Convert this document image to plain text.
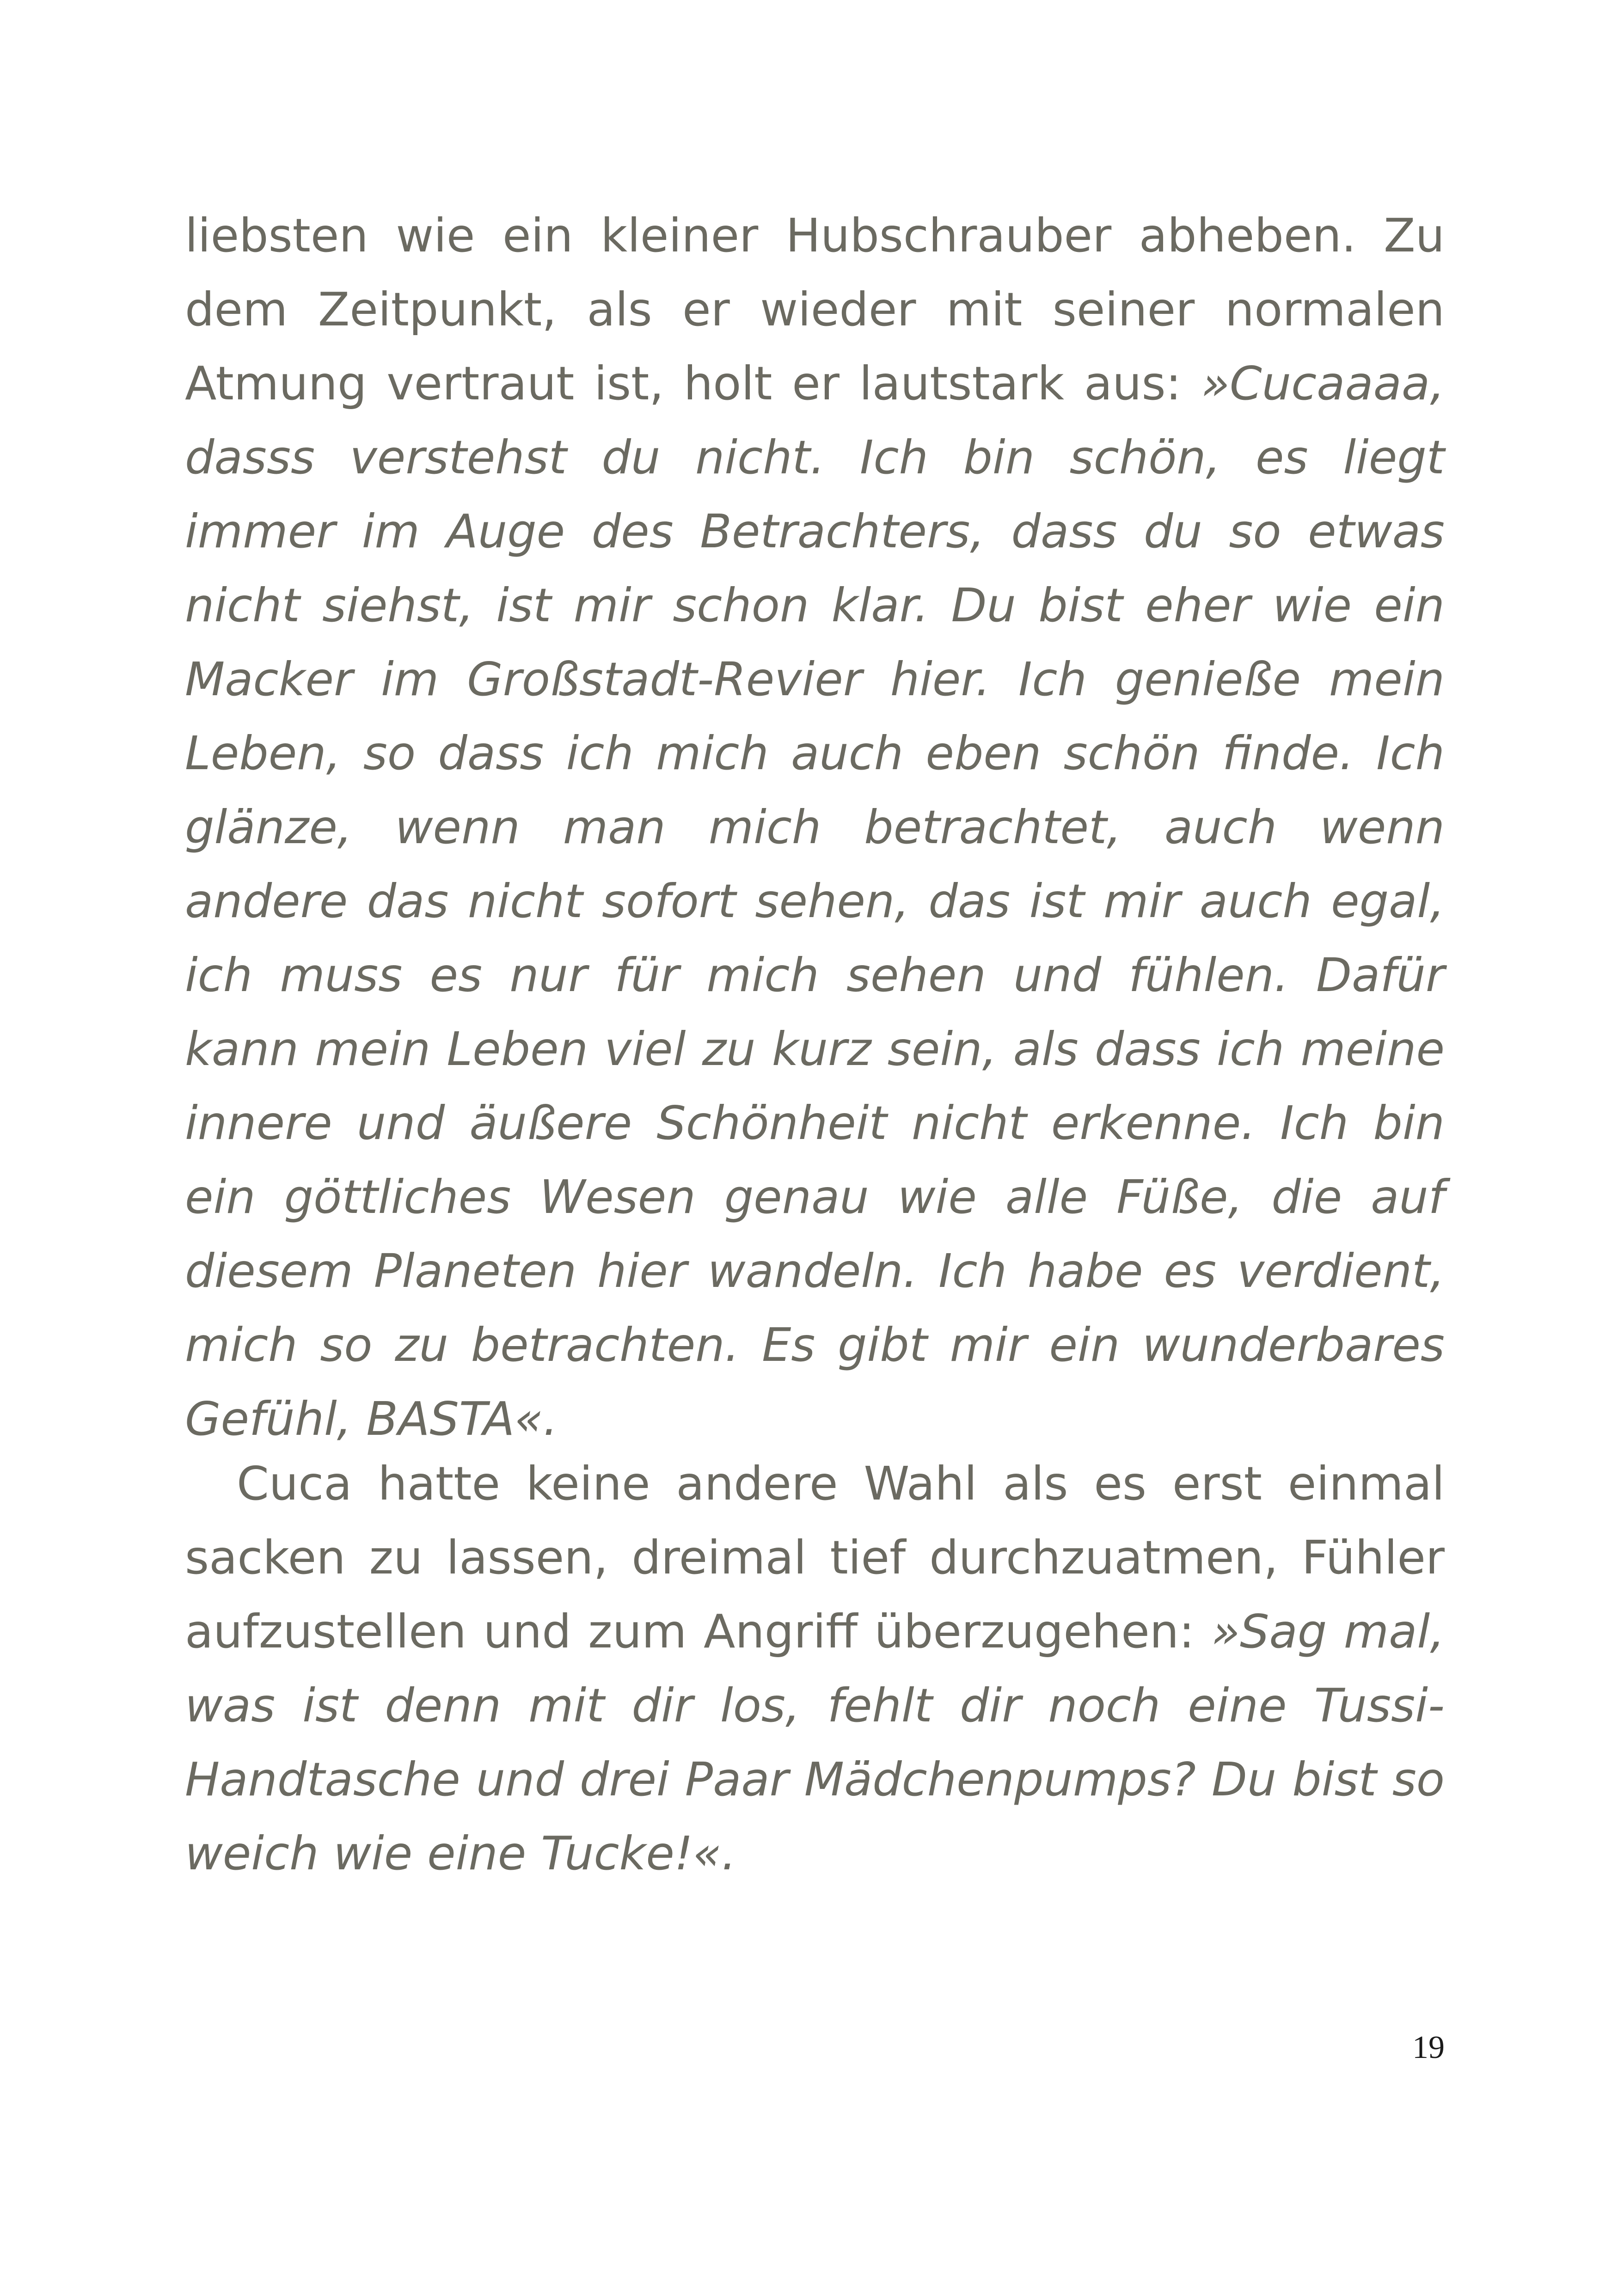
liebsten wie ein kleiner Hubschrauber abheben. Zu dem Zeitpunkt, als er wieder mit seiner normalen Atmung vertraut ist, holt er lautstark aus: »Cucaaaa, dasss verstehst du nicht. Ich bin schön, es liegt immer im Auge des Betrachters, dass du so etwas nicht siehst, ist mir schon klar. Du bist eher wie ein Macker im Großstadt-Revier hier. Ich genieße mein Leben, so dass ich mich auch eben schön finde. Ich glänze, wenn man mich betrachtet, auch wenn andere das nicht sofort sehen, das ist mir auch egal, ich muss es nur für mich sehen und fühlen. Dafür kann mein Leben viel zu kurz sein, als dass ich meine innere und äußere Schönheit nicht erkenne. Ich bin ein göttliches Wesen genau wie alle Füße, die auf diesem Planeten hier wandeln. Ich habe es verdient, mich so zu betrachten. Es gibt mir ein wunderbares Gefühl, BASTA«.

Cuca hatte keine andere Wahl als es erst einmal sacken zu lassen, dreimal tief durchzuatmen, Fühler aufzustellen und zum Angriff überzugehen: »Sag mal, was ist denn mit dir los, fehlt dir noch eine Tussi-Handtasche und drei Paar Mädchenpumps? Du bist so weich wie eine Tucke!«.

19
